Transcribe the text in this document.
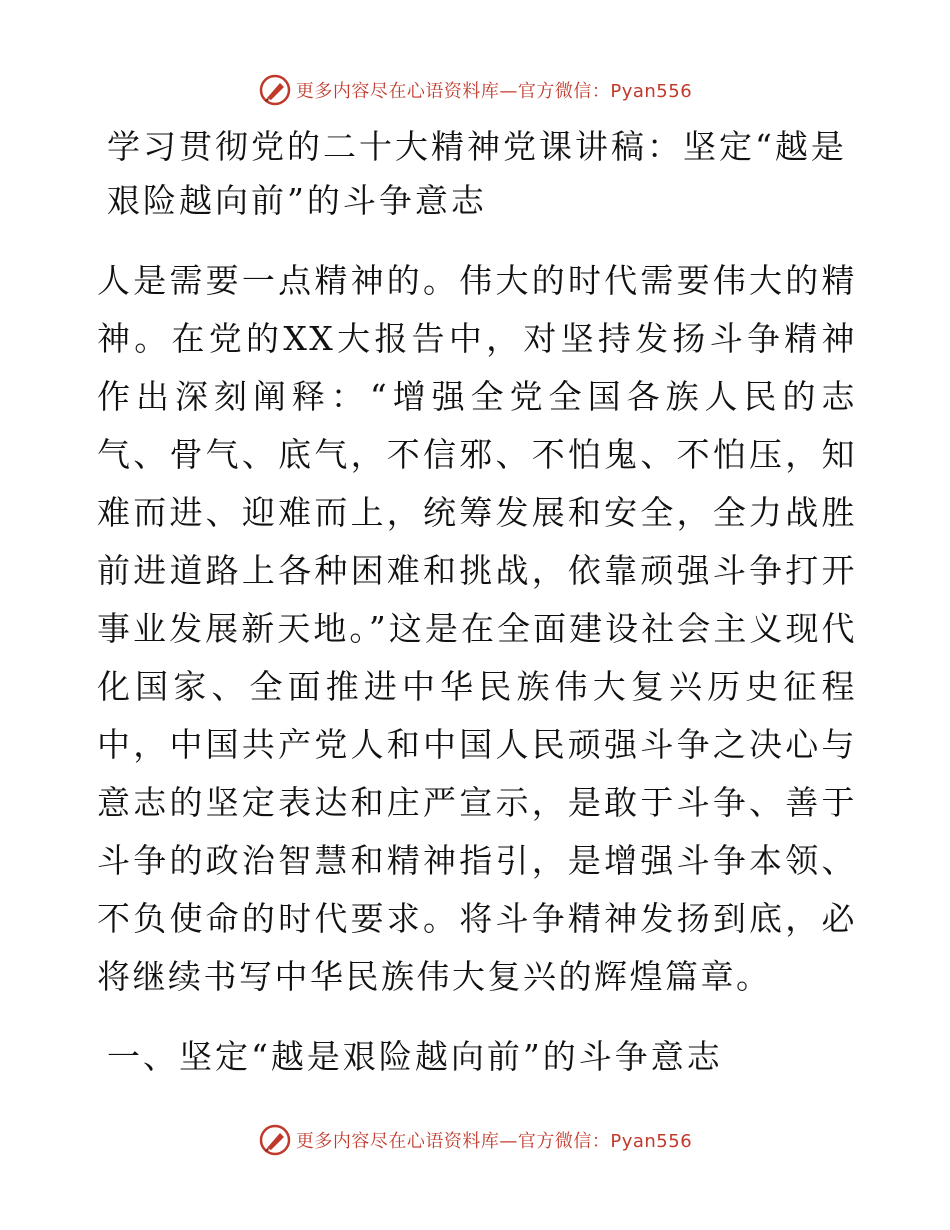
更多内容尽在心语资料库—官方微信：Pyan556
学习贯彻党的二十大精神党课讲稿：坚定“越是艰险越向前”的斗争意志

人是需要一点精神的。伟大的时代需要伟大的精神。在党的XX大报告中，对坚持发扬斗争精神作出深刻阐释：“增强全党全国各族人民的志气、骨气、底气，不信邪、不怕鬼、不怕压，知难而进、迎难而上，统筹发展和安全，全力战胜前进道路上各种困难和挑战，依靠顽强斗争打开事业发展新天地。”这是在全面建设社会主义现代化国家、全面推进中华民族伟大复兴历史征程中，中国共产党人和中国人民顽强斗争之决心与意志的坚定表达和庄严宣示，是敢于斗争、善于斗争的政治智慧和精神指引，是增强斗争本领、不负使命的时代要求。将斗争精神发扬到底，必将继续书写中华民族伟大复兴的辉煌篇章。

一、坚定“越是艰险越向前”的斗争意志
更多内容尽在心语资料库—官方微信：Pyan556
